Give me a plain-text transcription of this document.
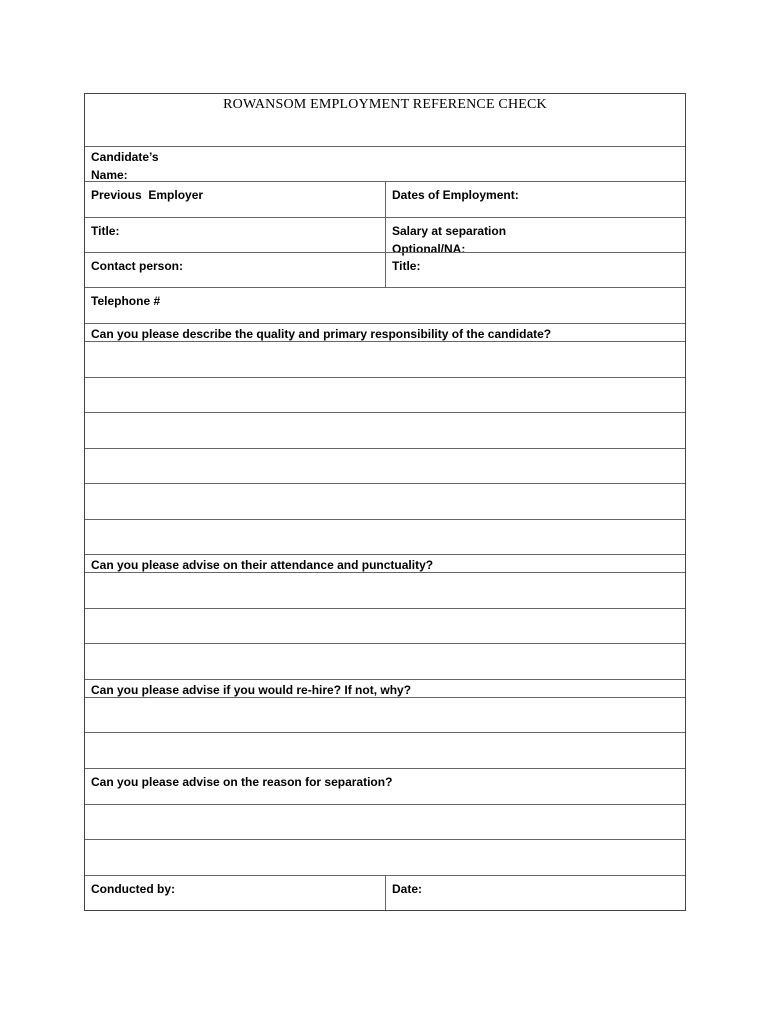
ROWANSOM EMPLOYMENT REFERENCE CHECK
Candidate’s
Name:
Previous  Employer	Dates of Employment:
Title:	Salary at separation
Optional/NA:
Contact person:	Title:
Telephone #
Can you please describe the quality and primary responsibility of the candidate?
Can you please advise on their attendance and punctuality?
Can you please advise if you would re-hire? If not, why?
Can you please advise on the reason for separation?
Conducted by:	Date:
